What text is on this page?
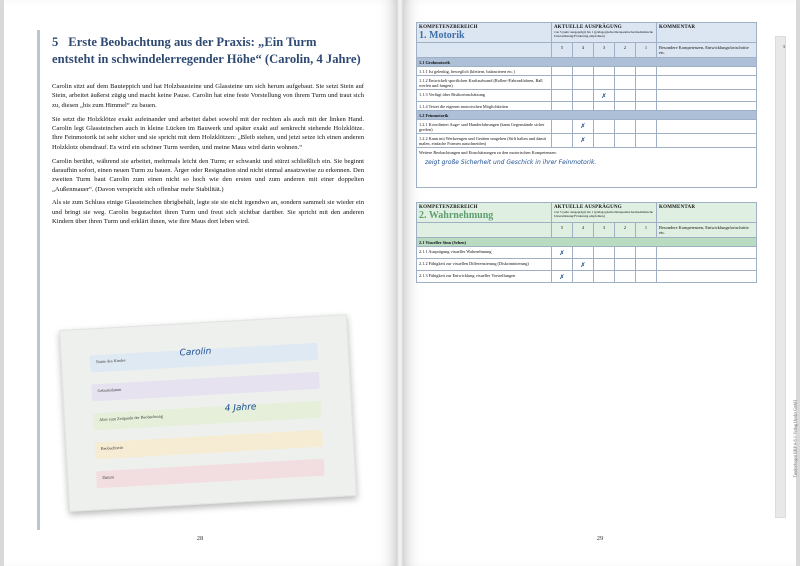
5 Erste Beobachtung aus der Praxis: „Ein Turm entsteht in schwindelerregender Höhe“ (Carolin, 4 Jahre)

Carolin sitzt auf dem Bauteppich und hat Holzbausteine und Glassteine um sich herum aufgebaut. Sie setzt Stein auf Stein, arbeitet äußerst zügig und macht keine Pause. Carolin hat eine feste Vorstellung von ihrem Turm und traut sich zu, diesen „bis zum Himmel“ zu bauen.

Sie setzt die Holzklötze exakt aufeinander und arbeitet dabei sowohl mit der rechten als auch mit der linken Hand. Carolin legt Glassteinchen auch in kleine Lücken im Bauwerk und später exakt auf senkrecht stehende Holzklötze. Ihre Feinmotorik ist sehr sicher und sie spricht mit dem Holzklötzen: „Bleib stehen, und jetzt setze ich einen anderen Holzklotz obendrauf. Es wird ein schöner Turm werden, und meine Maus wird darin wohnen.“

Carolin berührt, während sie arbeitet, mehrmals leicht den Turm; er schwankt und stürzt schließlich ein. Sie beginnt daraufhin sofort, einen neuen Turm zu bauen. Ärger oder Resignation sind nicht einmal ansatzweise zu erkennen. Den zweiten Turm baut Carolin zum einen nicht so hoch wie den ersten und zum anderen mit einer doppelten „Außenmauer“. (Davon verspricht sich offenbar mehr Stabilität.)

Als sie zum Schluss einige Glassteinchen übrigbehält, legte sie sie nicht irgendwo an, sondern sammelt sie wieder ein und bringt sie weg. Carolin begutachtet ihren Turm und freut sich sichtbar darüber. Sie spricht mit den anderen Kindern über ihren Turm und erklärt ihnen, wie ihre Maus dort leben wird.

Name des Kindes
Geburtsdatum
Alter zum Zeitpunkt der Beobachtung
Beobachterin
Datum
Carolin
4 Jahre
28
KOMPETENZBEREICH
1. Motorik

AKTUELLE AUSPRÄGUNG
von 5 (sehr ausgeprägt) bis 1 (pädagogische/therapeutische/medizinische Unterstützung/Förderung empfohlen)

KOMMENTAR

	5	4	3	2	1	Besondere Kompetenzen, Entwicklungsfortschritte etc.
1.1 Grobmotorik						
1.1.1 Ist gelenkig, beweglich (klettern, balancieren etc.)						
1.1.2 Entwickelt sportlichen Kraftaufwand (Rollen-/Fahrradfahren, Ball werfen und fangen)						
1.1.3 Verfügt über Risikoeinschätzung			✗			

1.1.4 Testet die eigenen motorischen Möglichkeiten						
1.2 Feinmotorik						
1.2.1 Koordiniert Auge- und Handerfahrungen (kann Gegenstände sicher greifen)		✗				

1.2.2 Kann mit Werkzeugen und Geräten umgehen (Stift halten und damit malen, einfache Formen ausschneiden)		✗				

Weitere Beobachtungen und Einschätzungen zu den motorischen Kompetenzen:
zeigt große Sicherheit und Geschick in ihrer Feinmotorik.						
KOMPETENZBEREICH
2. Wahrnehmung

AKTUELLE AUSPRÄGUNG
von 5 (sehr ausgeprägt) bis 1 (pädagogische/therapeutische/medizinische Unterstützung/Förderung empfohlen)

KOMMENTAR

	5	4	3	2	1	Besondere Kompetenzen, Entwicklungsfortschritte etc.
2.1 Visueller Sinn (Sehen)						
2.1.1 Ausprägung visueller Wahrnehmung	✗					

2.1.2 Fähigkeit zur visuellen Differenzierung (Diskriminierung)		✗				

2.1.3 Fähigkeit zur Entwicklung visueller Vorstellungen	✗					

3
Tandembogen BBP 4–6 © Verlag Herder GmbH
29
